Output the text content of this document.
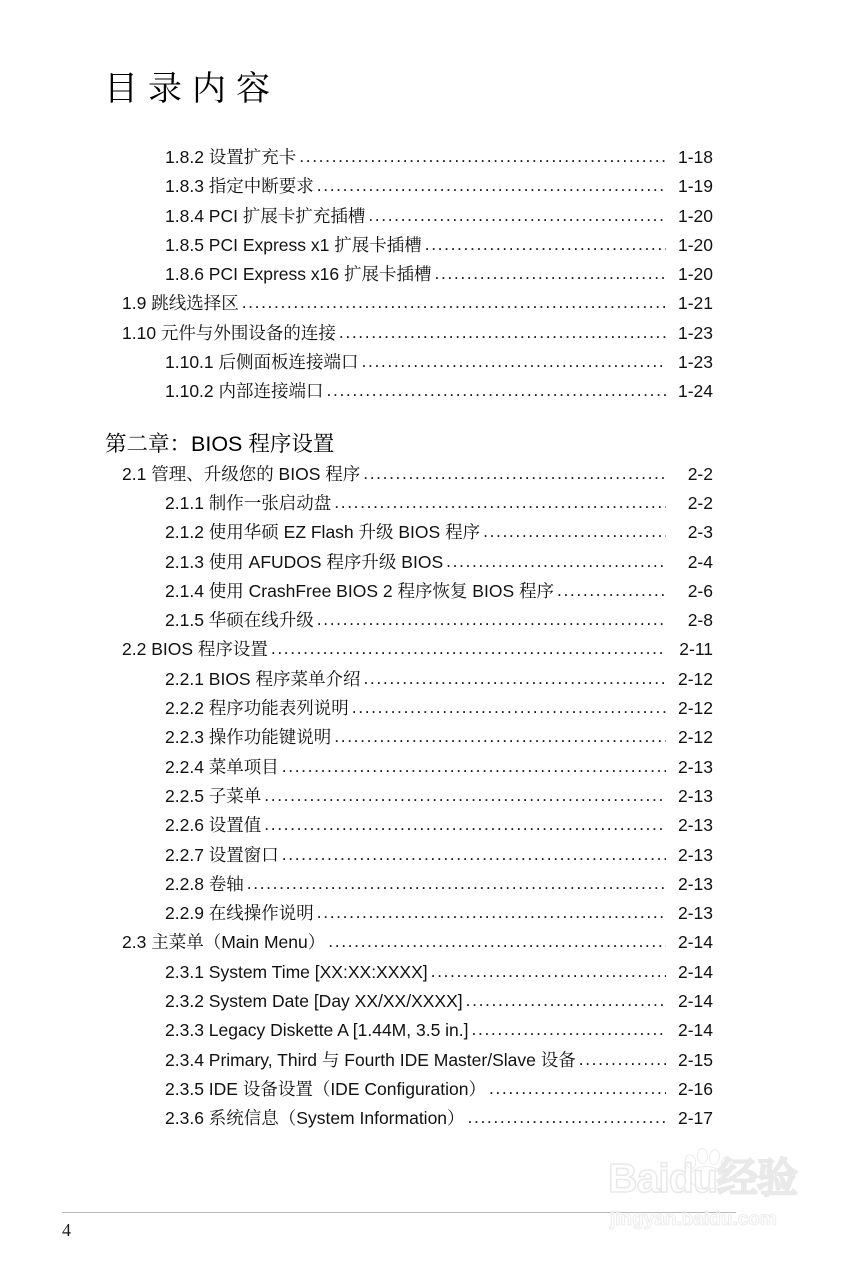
目录内容
1.8.2 设置扩充卡 .....	1-18
1.8.3 指定中断要求 .....	1-19
1.8.4 PCI 扩展卡扩充插槽 .....	1-20
1.8.5 PCI Express x1 扩展卡插槽 .....	1-20
1.8.6 PCI Express x16 扩展卡插槽 .....	1-20
1.9 跳线选择区 .....	1-21
1.10 元件与外围设备的连接 .....	1-23
1.10.1 后侧面板连接端口 .....	1-23
1.10.2 内部连接端口 .....	1-24
第二章：BIOS 程序设置
2.1 管理、升级您的 BIOS 程序 .....	2-2
2.1.1 制作一张启动盘 .....	2-2
2.1.2 使用华硕 EZ Flash 升级 BIOS 程序 .....	2-3
2.1.3 使用 AFUDOS 程序升级 BIOS .....	2-4
2.1.4 使用 CrashFree BIOS 2 程序恢复 BIOS 程序 .....	2-6
2.1.5 华硕在线升级 .....	2-8
2.2 BIOS 程序设置 .....	2-11
2.2.1 BIOS 程序菜单介绍 .....	2-12
2.2.2 程序功能表列说明 .....	2-12
2.2.3 操作功能键说明 .....	2-12
2.2.4 菜单项目 .....	2-13
2.2.5 子菜单 .....	2-13
2.2.6 设置值 .....	2-13
2.2.7 设置窗口 .....	2-13
2.2.8 卷轴 .....	2-13
2.2.9 在线操作说明 .....	2-13
2.3 主菜单（Main Menu） .....	2-14
2.3.1 System Time [XX:XX:XXXX] .....	2-14
2.3.2 System Date [Day XX/XX/XXXX] .....	2-14
2.3.3 Legacy Diskette A [1.44M, 3.5 in.] .....	2-14
2.3.4 Primary, Third 与 Fourth IDE Master/Slave 设备 .....	2-15
2.3.5 IDE 设备设置（IDE Configuration） .....	2-16
2.3.6 系统信息（System Information） .....	2-17
4
Baidu经验
jingyan.baidu.com
